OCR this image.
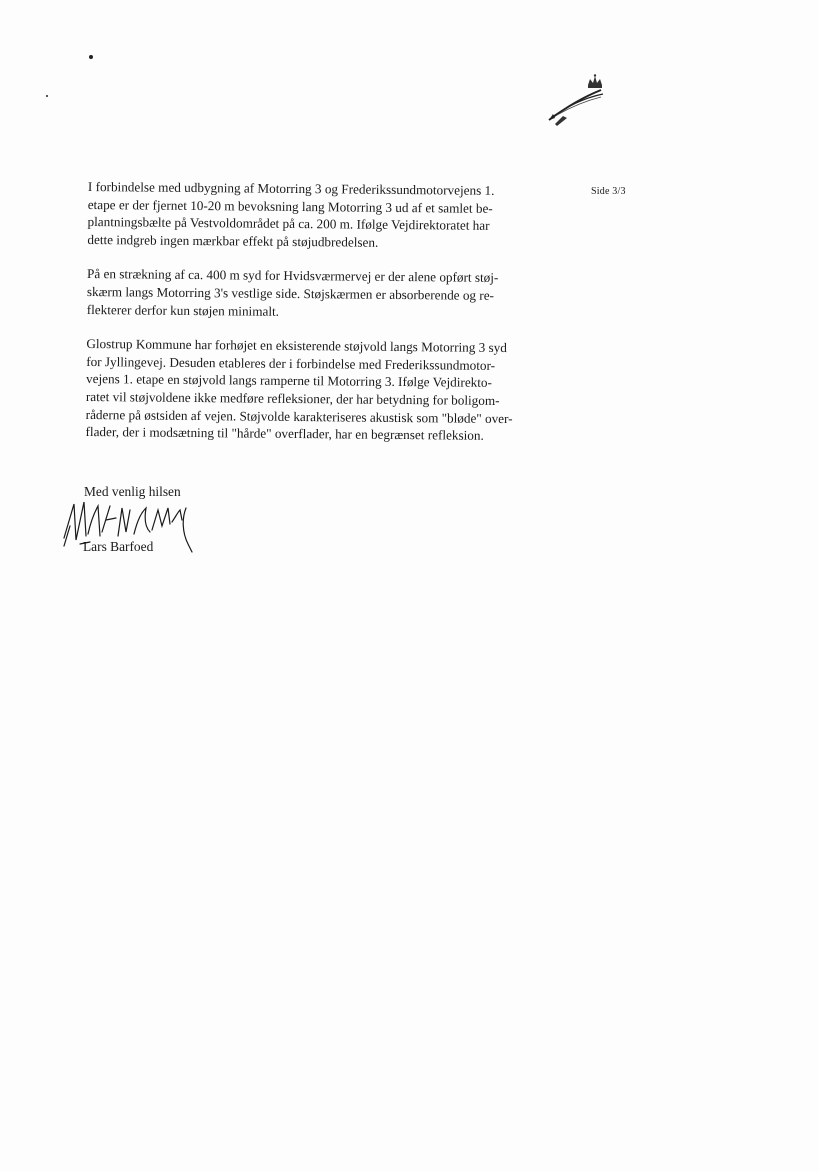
Side 3/3

I forbindelse med udbygning af Motorring 3 og Frederikssundmotorvejens 1.
etape er der fjernet 10-20 m bevoksning lang Motorring 3 ud af et samlet be-
plantningsbælte på Vestvoldområdet på ca. 200 m. Ifølge Vejdirektoratet har
dette indgreb ingen mærkbar effekt på støjudbredelsen.

På en strækning af ca. 400 m syd for Hvidsværmervej er der alene opført støj-
skærm langs Motorring 3's vestlige side. Støjskærmen er absorberende og re-
flekterer derfor kun støjen minimalt.

Glostrup Kommune har forhøjet en eksisterende støjvold langs Motorring 3 syd
for Jyllingevej. Desuden etableres der i forbindelse med Frederikssundmotor-
vejens 1. etape en støjvold langs ramperne til Motorring 3. Ifølge Vejdirekto-
ratet vil støjvoldene ikke medføre refleksioner, der har betydning for boligom-
råderne på østsiden af vejen. Støjvolde karakteriseres akustisk som "bløde" over-
flader, der i modsætning til "hårde" overflader, har en begrænset refleksion.

Med venlig hilsen
Lars Barfoed
